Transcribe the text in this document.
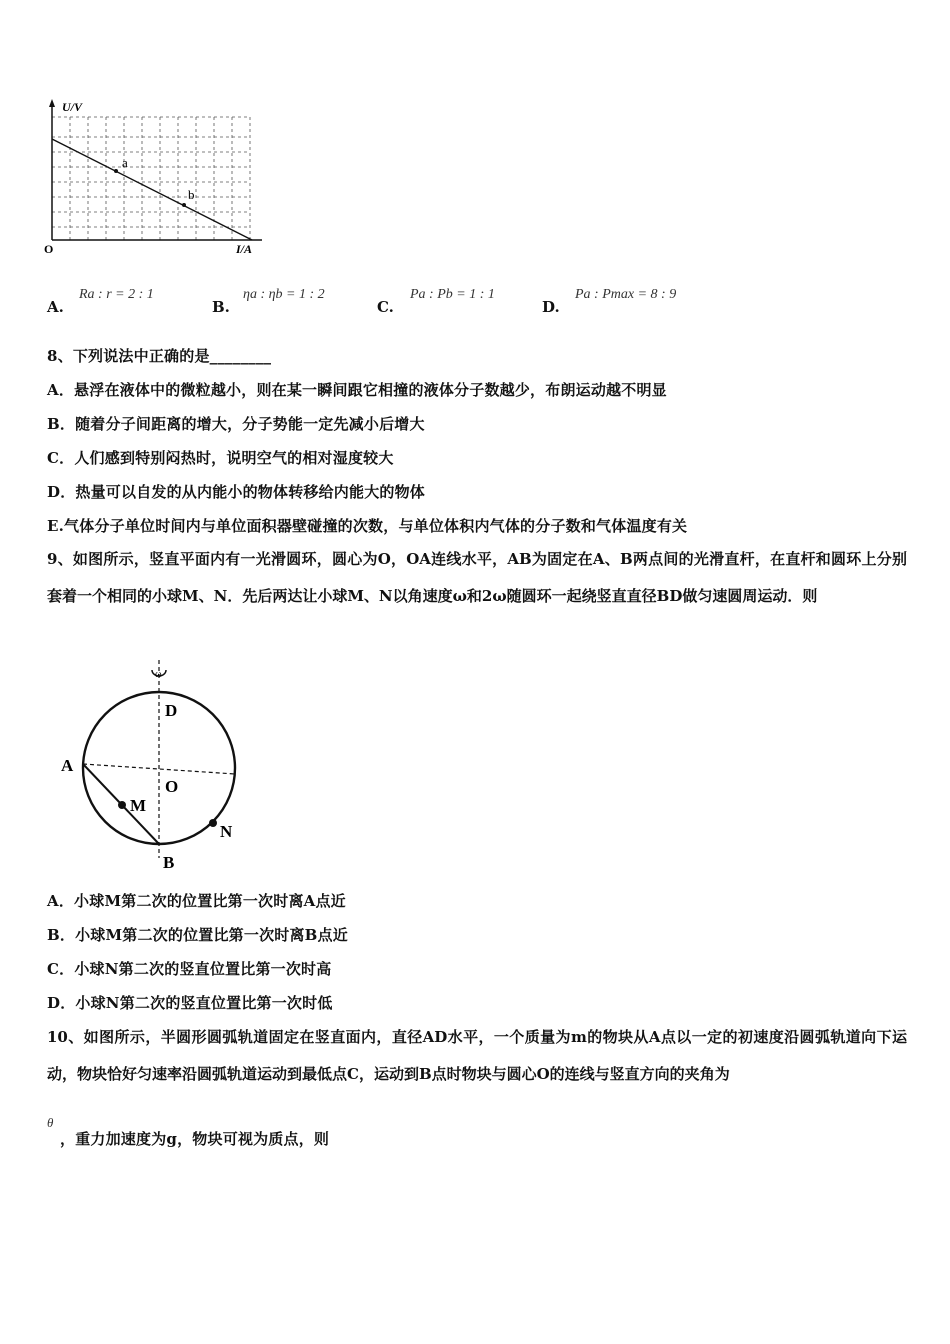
U/V
I/A
O
a
b
A.
Ra : r = 2 : 1
B.
ηa : ηb = 1 : 2
C.
Pa : Pb = 1 : 1
D.
Pa : Pmax = 8 : 9
8、下列说法中正确的是________
A．悬浮在液体中的微粒越小，则在某一瞬间跟它相撞的液体分子数越少，布朗运动越不明显
B．随着分子间距离的增大，分子势能一定先减小后增大
C．人们感到特别闷热时，说明空气的相对湿度较大
D．热量可以自发的从内能小的物体转移给内能大的物体
E.气体分子单位时间内与单位面积器壁碰撞的次数，与单位体积内气体的分子数和气体温度有关
9、如图所示，竖直平面内有一光滑圆环，圆心为O，OA连线水平，AB为固定在A、B两点间的光滑直杆，在直杆和圆环上分别套着一个相同的小球M、N．先后两达让小球M、N以角速度ω和2ω随圆环一起绕竖直直径BD做匀速圆周运动．则
ω
D
A
O
M
N
B
A．小球M第二次的位置比第一次时离A点近
B．小球M第二次的位置比第一次时离B点近
C．小球N第二次的竖直位置比第一次时高
D．小球N第二次的竖直位置比第一次时低
10、如图所示，半圆形圆弧轨道固定在竖直面内，直径AD水平，一个质量为m的物块从A点以一定的初速度沿圆弧轨道向下运动，物块恰好匀速率沿圆弧轨道运动到最低点C，运动到B点时物块与圆心O的连线与竖直方向的夹角为
θ
，重力加速度为g，物块可视为质点，则
